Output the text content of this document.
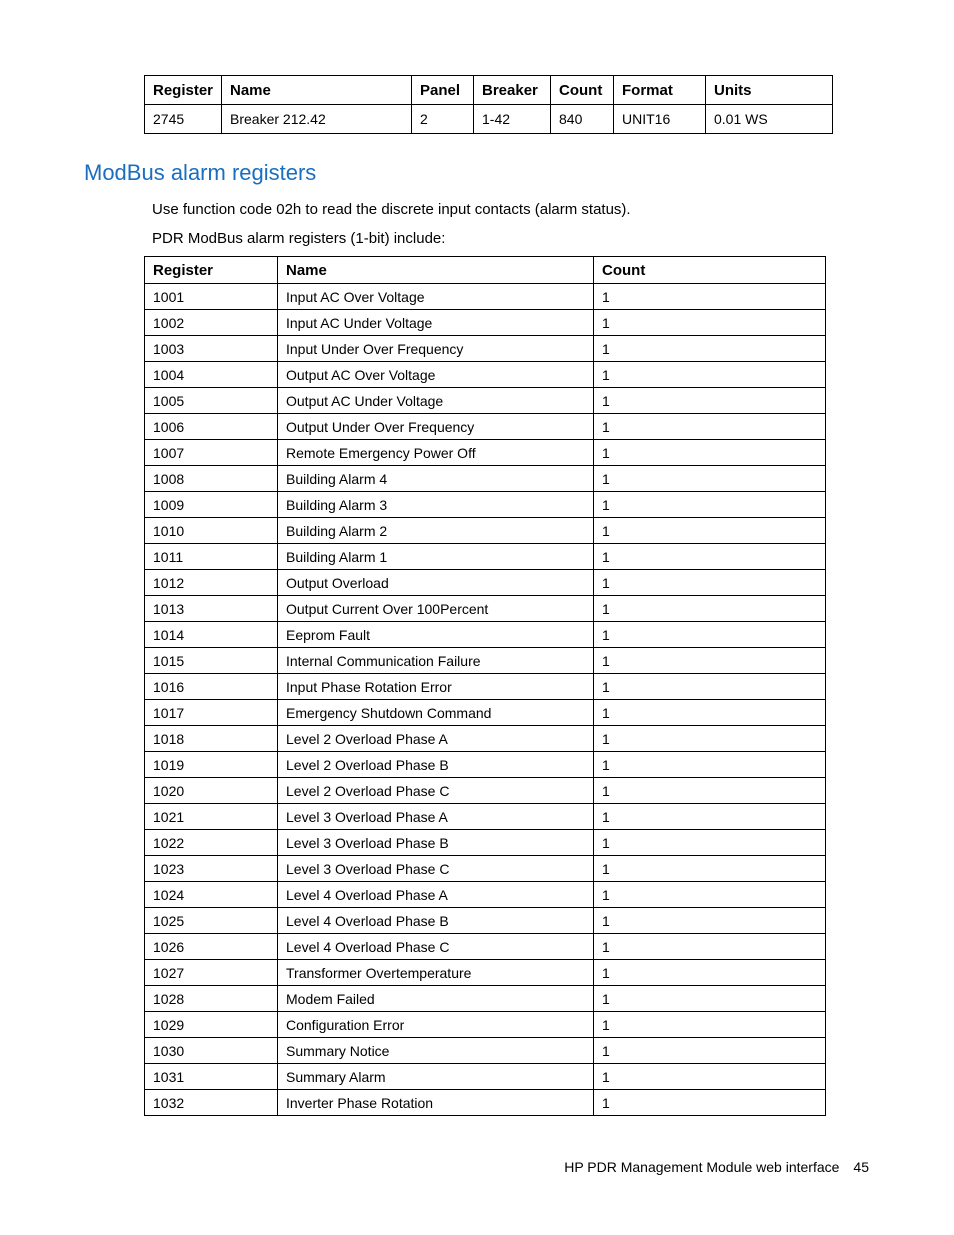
Register	Name	Panel	Breaker	Count	Format	Units
2745	Breaker 212.42	2	1-42	840	UNIT16	0.01 WS
ModBus alarm registers

Use function code 02h to read the discrete input contacts (alarm status).

PDR ModBus alarm registers (1-bit) include:

Register	Name	Count
1001	Input AC Over Voltage	1
1002	Input AC Under Voltage	1
1003	Input Under Over Frequency	1
1004	Output AC Over Voltage	1
1005	Output AC Under Voltage	1
1006	Output Under Over Frequency	1
1007	Remote Emergency Power Off	1
1008	Building Alarm 4	1
1009	Building Alarm 3	1
1010	Building Alarm 2	1
1011	Building Alarm 1	1
1012	Output Overload	1
1013	Output Current Over 100Percent	1
1014	Eeprom Fault	1
1015	Internal Communication Failure	1
1016	Input Phase Rotation Error	1
1017	Emergency Shutdown Command	1
1018	Level 2 Overload Phase A	1
1019	Level 2 Overload Phase B	1
1020	Level 2 Overload Phase C	1
1021	Level 3 Overload Phase A	1
1022	Level 3 Overload Phase B	1
1023	Level 3 Overload Phase C	1
1024	Level 4 Overload Phase A	1
1025	Level 4 Overload Phase B	1
1026	Level 4 Overload Phase C	1
1027	Transformer Overtemperature	1
1028	Modem Failed	1
1029	Configuration Error	1
1030	Summary Notice	1
1031	Summary Alarm	1
1032	Inverter Phase Rotation	1
HP PDR Management Module web interface 45
